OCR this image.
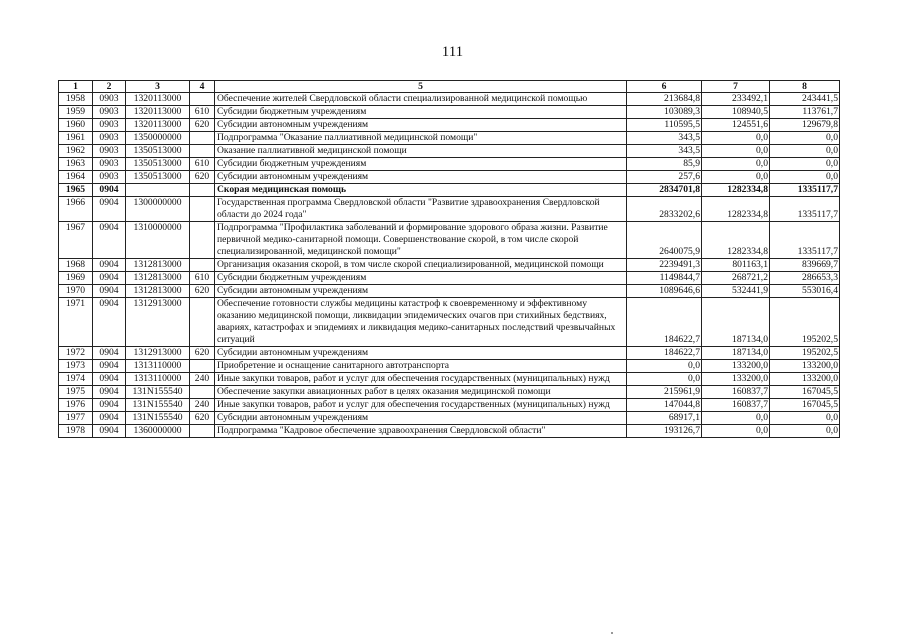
111
1	2	3	4	5	6	7	8
1958	0903	1320113000		Обеспечение жителей Свердловской области специализированной медицинской помощью	213684,8	233492,1	243441,5
1959	0903	1320113000	610	Субсидии бюджетным учреждениям	103089,3	108940,5	113761,7
1960	0903	1320113000	620	Субсидии автономным учреждениям	110595,5	124551,6	129679,8
1961	0903	1350000000		Подпрограмма "Оказание паллиативной медицинской помощи"	343,5	0,0	0,0
1962	0903	1350513000		Оказание паллиативной медицинской помощи	343,5	0,0	0,0
1963	0903	1350513000	610	Субсидии бюджетным учреждениям	85,9	0,0	0,0
1964	0903	1350513000	620	Субсидии автономным учреждениям	257,6	0,0	0,0
1965	0904			Скорая медицинская помощь	2834701,8	1282334,8	1335117,7
1966	0904	1300000000		Государственная программа Свердловской области "Развитие здравоохранения Свердловской области до 2024 года"	2833202,6	1282334,8	1335117,7
1967	0904	1310000000		Подпрограмма "Профилактика заболеваний и формирование здорового образа жизни. Развитие первичной медико-санитарной помощи. Совершенствование скорой, в том числе скорой специализированной, медицинской помощи"	2640075,9	1282334,8	1335117,7
1968	0904	1312813000		Организация оказания скорой, в том числе скорой специализированной, медицинской помощи	2239491,3	801163,1	839669,7
1969	0904	1312813000	610	Субсидии бюджетным учреждениям	1149844,7	268721,2	286653,3
1970	0904	1312813000	620	Субсидии автономным учреждениям	1089646,6	532441,9	553016,4
1971	0904	1312913000		Обеспечение готовности службы медицины катастроф к своевременному и эффективному оказанию медицинской помощи, ликвидации эпидемических очагов при стихийных бедствиях, авариях, катастрофах и эпидемиях и ликвидация медико-санитарных последствий чрезвычайных ситуаций	184622,7	187134,0	195202,5
1972	0904	1312913000	620	Субсидии автономным учреждениям	184622,7	187134,0	195202,5
1973	0904	1313110000		Приобретение и оснащение санитарного автотранспорта	0,0	133200,0	133200,0
1974	0904	1313110000	240	Иные закупки товаров, работ и услуг для обеспечения государственных (муниципальных) нужд	0,0	133200,0	133200,0
1975	0904	131N155540		Обеспечение закупки авиационных работ в целях оказания медицинской помощи	215961,9	160837,7	167045,5
1976	0904	131N155540	240	Иные закупки товаров, работ и услуг для обеспечения государственных (муниципальных) нужд	147044,8	160837,7	167045,5
1977	0904	131N155540	620	Субсидии автономным учреждениям	68917,1	0,0	0,0
1978	0904	1360000000		Подпрограмма "Кадровое обеспечение здравоохранения Свердловской области"	193126,7	0,0	0,0
